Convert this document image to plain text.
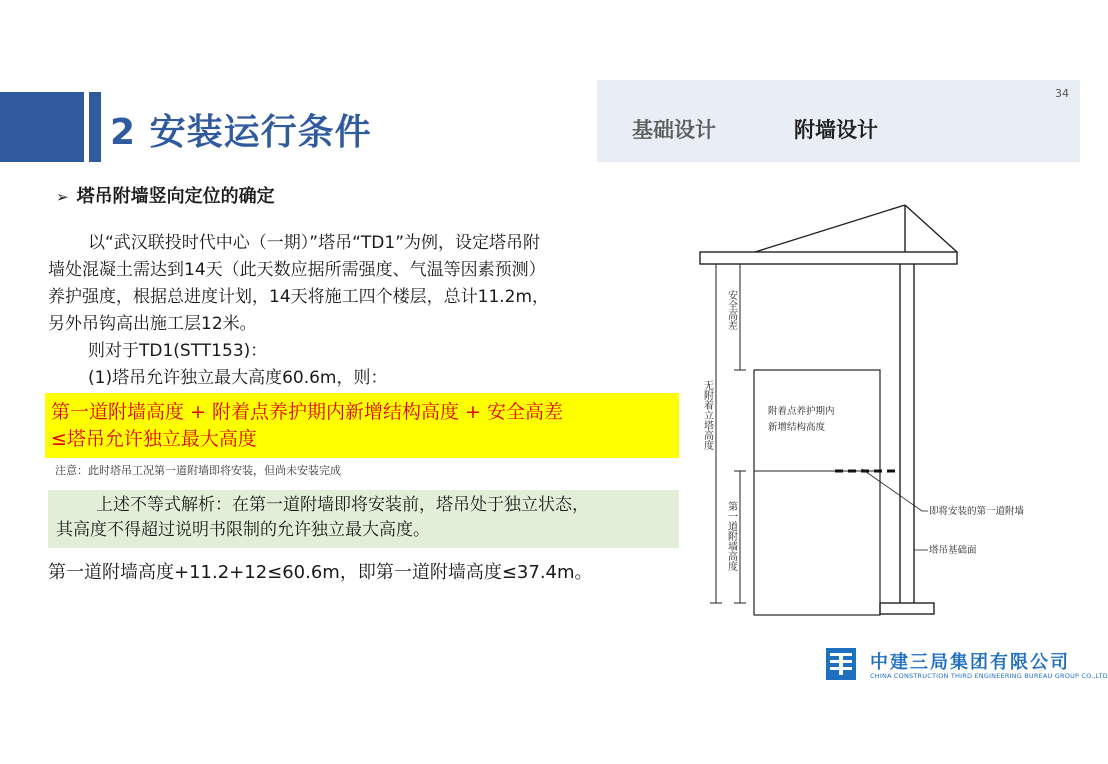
2 安装运行条件
34
基础设计	附墙设计
➢ 塔吊附墙竖向定位的确定

以“武汉联投时代中心（一期）”塔吊“TD1”为例，设定塔吊附

墙处混凝土需达到14天（此天数应据所需强度、气温等因素预测）

养护强度，根据总进度计划，14天将施工四个楼层，总计11.2m，

另外吊钩高出施工层12米。

则对于TD1(STT153)：

(1)塔吊允许独立最大高度60.6m，则：

第一道附墙高度 + 附着点养护期内新增结构高度 + 安全高差

≤塔吊允许独立最大高度

注意：此时塔吊工况第一道附墙即将安装，但尚未安装完成

上述不等式解析：在第一道附墙即将安装前，塔吊处于独立状态，

其高度不得超过说明书限制的允许独立最大高度。

第一道附墙高度+11.2+12≤60.6m，即第一道附墙高度≤37.4m。
安全高差
无附着立塔高度
第一道附墙高度
附着点养护期内
新增结构高度
即将安装的第一道附墙
塔吊基础面
中建三局集团有限公司
CHINA CONSTRUCTION THIRD ENGINEERING BUREAU GROUP CO.,LTD
